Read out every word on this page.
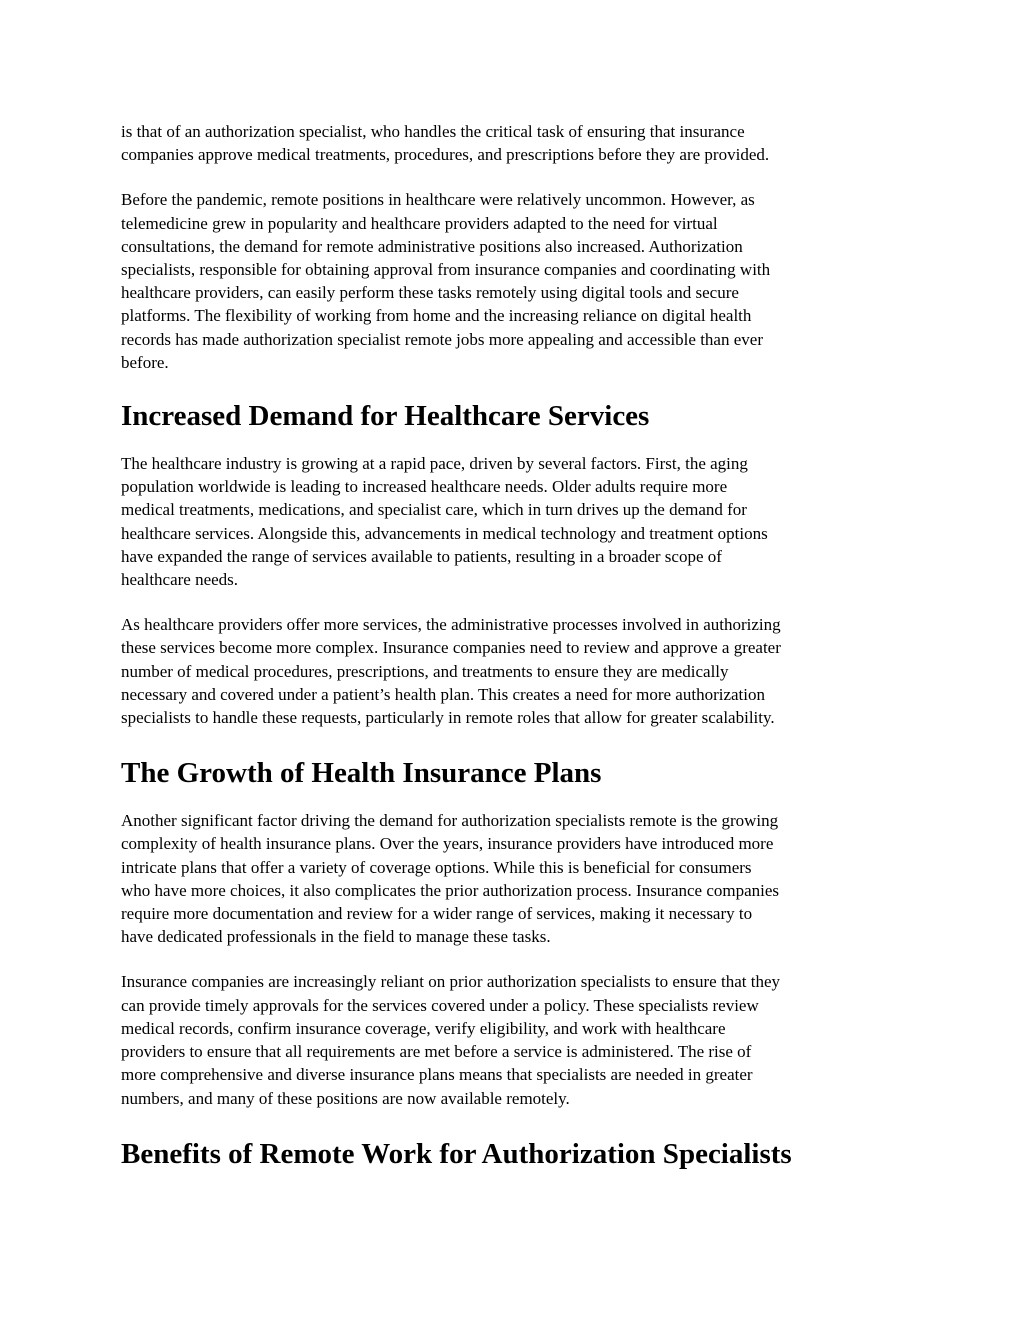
is that of an authorization specialist, who handles the critical task of ensuring that insurance
companies approve medical treatments, procedures, and prescriptions before they are provided.

Before the pandemic, remote positions in healthcare were relatively uncommon. However, as
telemedicine grew in popularity and healthcare providers adapted to the need for virtual
consultations, the demand for remote administrative positions also increased. Authorization
specialists, responsible for obtaining approval from insurance companies and coordinating with
healthcare providers, can easily perform these tasks remotely using digital tools and secure
platforms. The flexibility of working from home and the increasing reliance on digital health
records has made authorization specialist remote jobs more appealing and accessible than ever
before.

Increased Demand for Healthcare Services

The healthcare industry is growing at a rapid pace, driven by several factors. First, the aging
population worldwide is leading to increased healthcare needs. Older adults require more
medical treatments, medications, and specialist care, which in turn drives up the demand for
healthcare services. Alongside this, advancements in medical technology and treatment options
have expanded the range of services available to patients, resulting in a broader scope of
healthcare needs.

As healthcare providers offer more services, the administrative processes involved in authorizing
these services become more complex. Insurance companies need to review and approve a greater
number of medical procedures, prescriptions, and treatments to ensure they are medically
necessary and covered under a patient’s health plan. This creates a need for more authorization
specialists to handle these requests, particularly in remote roles that allow for greater scalability.

The Growth of Health Insurance Plans

Another significant factor driving the demand for authorization specialists remote is the growing
complexity of health insurance plans. Over the years, insurance providers have introduced more
intricate plans that offer a variety of coverage options. While this is beneficial for consumers
who have more choices, it also complicates the prior authorization process. Insurance companies
require more documentation and review for a wider range of services, making it necessary to
have dedicated professionals in the field to manage these tasks.

Insurance companies are increasingly reliant on prior authorization specialists to ensure that they
can provide timely approvals for the services covered under a policy. These specialists review
medical records, confirm insurance coverage, verify eligibility, and work with healthcare
providers to ensure that all requirements are met before a service is administered. The rise of
more comprehensive and diverse insurance plans means that specialists are needed in greater
numbers, and many of these positions are now available remotely.

Benefits of Remote Work for Authorization Specialists
